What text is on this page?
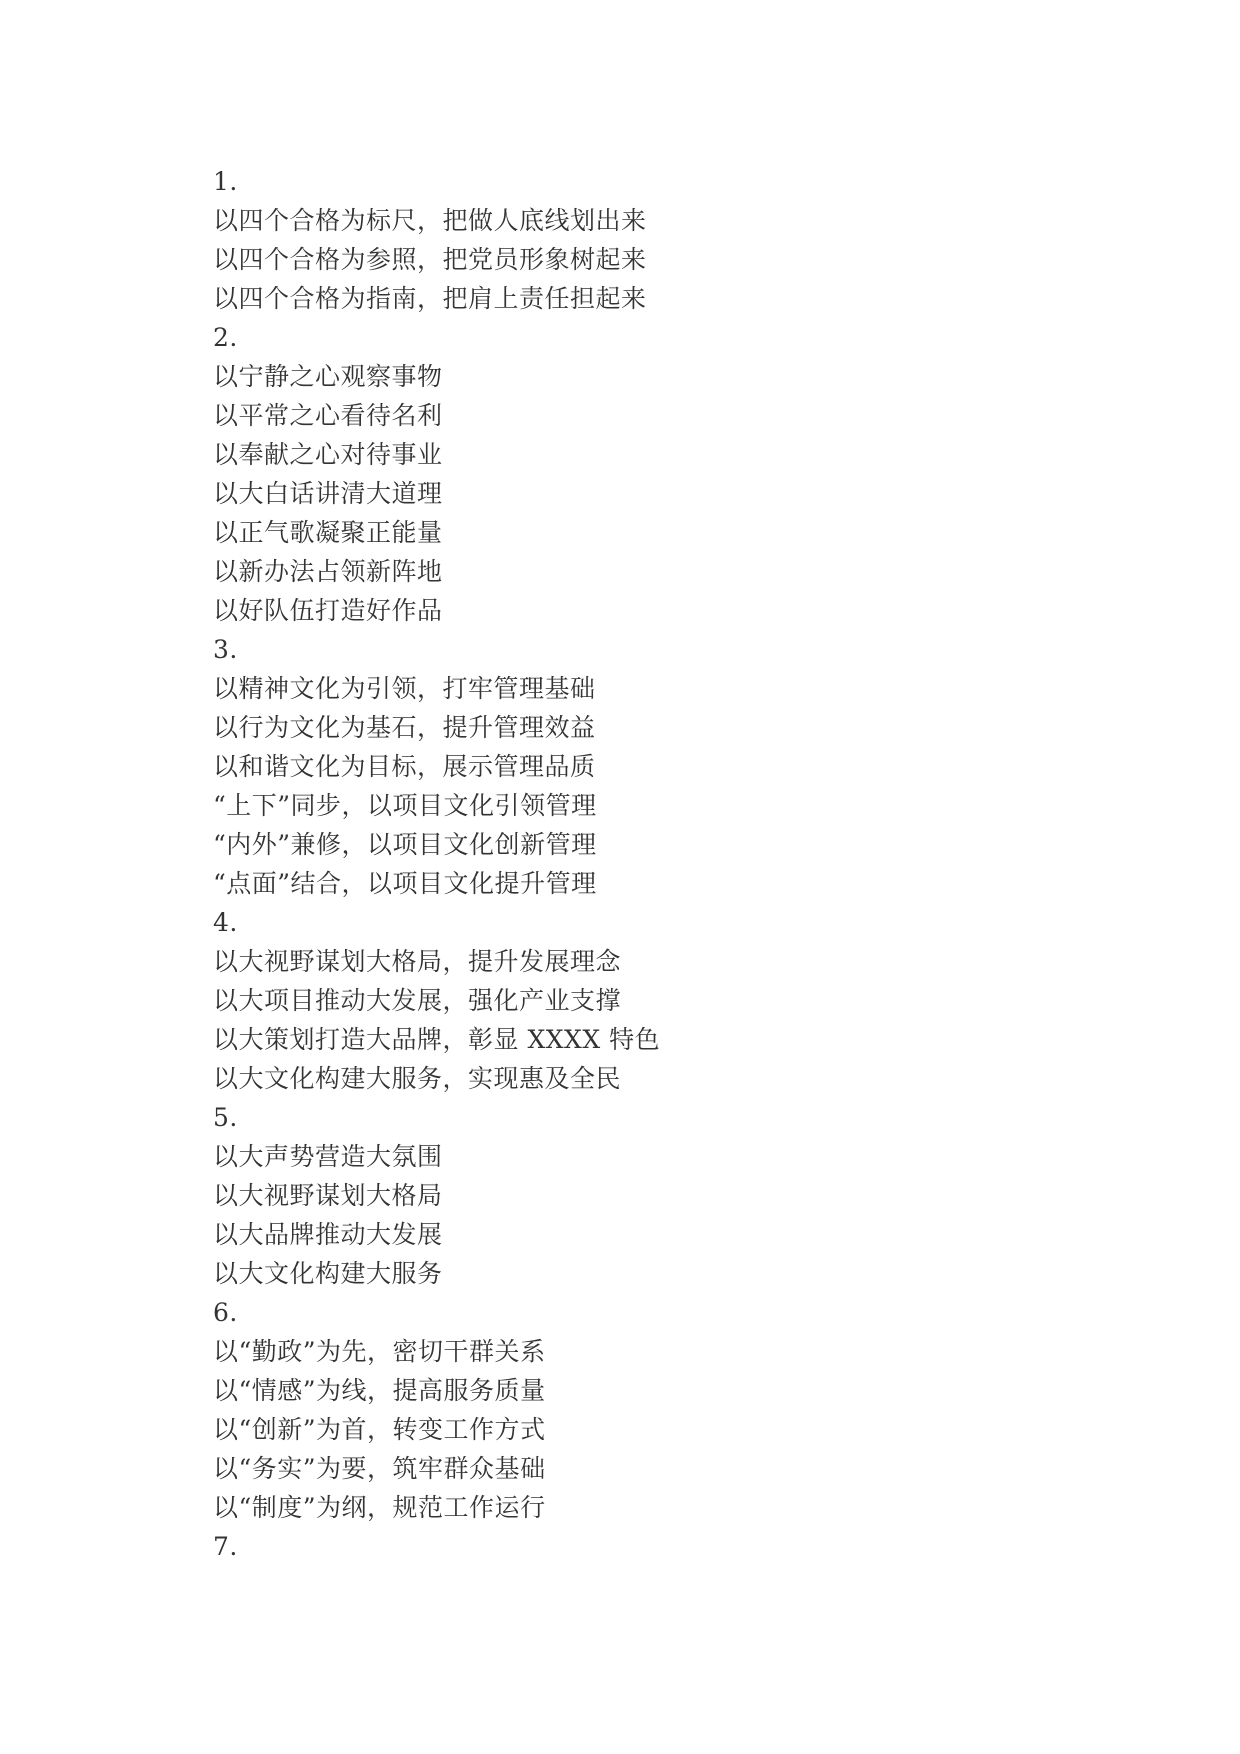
1.
以四个合格为标尺，把做人底线划出来
以四个合格为参照，把党员形象树起来
以四个合格为指南，把肩上责任担起来
2.
以宁静之心观察事物
以平常之心看待名利
以奉献之心对待事业
以大白话讲清大道理
以正气歌凝聚正能量
以新办法占领新阵地
以好队伍打造好作品
3.
以精神文化为引领，打牢管理基础
以行为文化为基石，提升管理效益
以和谐文化为目标，展示管理品质
“上下”同步，以项目文化引领管理
“内外”兼修，以项目文化创新管理
“点面”结合，以项目文化提升管理
4.
以大视野谋划大格局，提升发展理念
以大项目推动大发展，强化产业支撑
以大策划打造大品牌，彰显 XXXX 特色
以大文化构建大服务，实现惠及全民
5.
以大声势营造大氛围
以大视野谋划大格局
以大品牌推动大发展
以大文化构建大服务
6.
以“勤政”为先，密切干群关系
以“情感”为线，提高服务质量
以“创新”为首，转变工作方式
以“务实”为要，筑牢群众基础
以“制度”为纲，规范工作运行
7.
